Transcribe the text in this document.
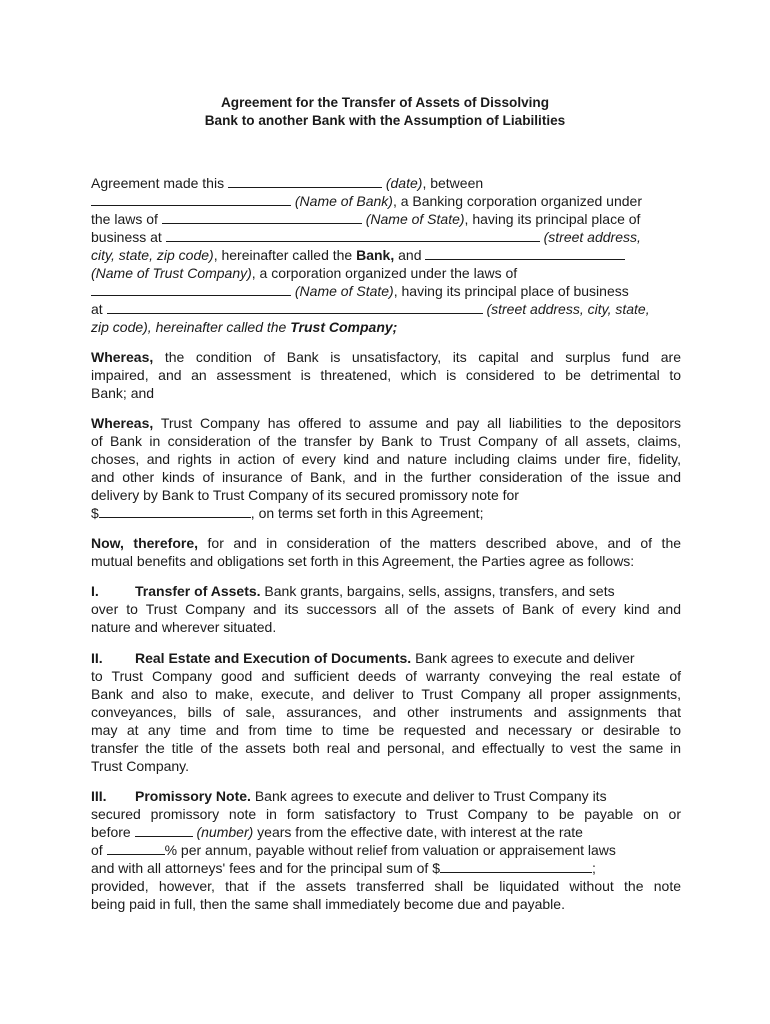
Agreement for the Transfer of Assets of Dissolving
Bank to another Bank with the Assumption of Liabilities
Agreement made this	(date), between
(Name of Bank), a Banking corporation organized under
the laws of	(Name of State), having its principal place of
business at	(street address,
city, state, zip code), hereinafter called the Bank, and
(Name of Trust Company), a corporation organized under the laws of
(Name of State), having its principal place of business
at	(street address, city, state,
zip code), hereinafter called the Trust Company;
Whereas, the condition of Bank is unsatisfactory, its capital and surplus fund are
impaired, and an assessment is threatened, which is considered to be detrimental to
Bank; and
Whereas, Trust Company has offered to assume and pay all liabilities to the depositors
of Bank in consideration of the transfer by Bank to Trust Company of all assets, claims,
choses, and rights in action of every kind and nature including claims under fire, fidelity,
and other kinds of insurance of Bank, and in the further consideration of the issue and
delivery by Bank to Trust Company of its secured promissory note for
$	, on terms set forth in this Agreement;
Now, therefore, for and in consideration of the matters described above, and of the
mutual benefits and obligations set forth in this Agreement, the Parties agree as follows:
I.	Transfer of Assets. Bank grants, bargains, sells, assigns, transfers, and sets
over to Trust Company and its successors all of the assets of Bank of every kind and
nature and wherever situated.
II. Real Estate and Execution of Documents. Bank agrees to execute and deliver
to Trust Company good and sufficient deeds of warranty conveying the real estate of
Bank and also to make, execute, and deliver to Trust Company all proper assignments,
conveyances, bills of sale, assurances, and other instruments and assignments that
may at any time and from time to time be requested and necessary or desirable to
transfer the title of the assets both real and personal, and effectually to vest the same in
Trust Company.
III. Promissory Note. Bank agrees to execute and deliver to Trust Company its
secured promissory note in form satisfactory to Trust Company to be payable on or
before	(number) years from the effective date, with interest at the rate
of	% per annum, payable without relief from valuation or appraisement laws
and with all attorneys' fees and for the principal sum of $	;
provided, however, that if the assets transferred shall be liquidated without the note
being paid in full, then the same shall immediately become due and payable.
